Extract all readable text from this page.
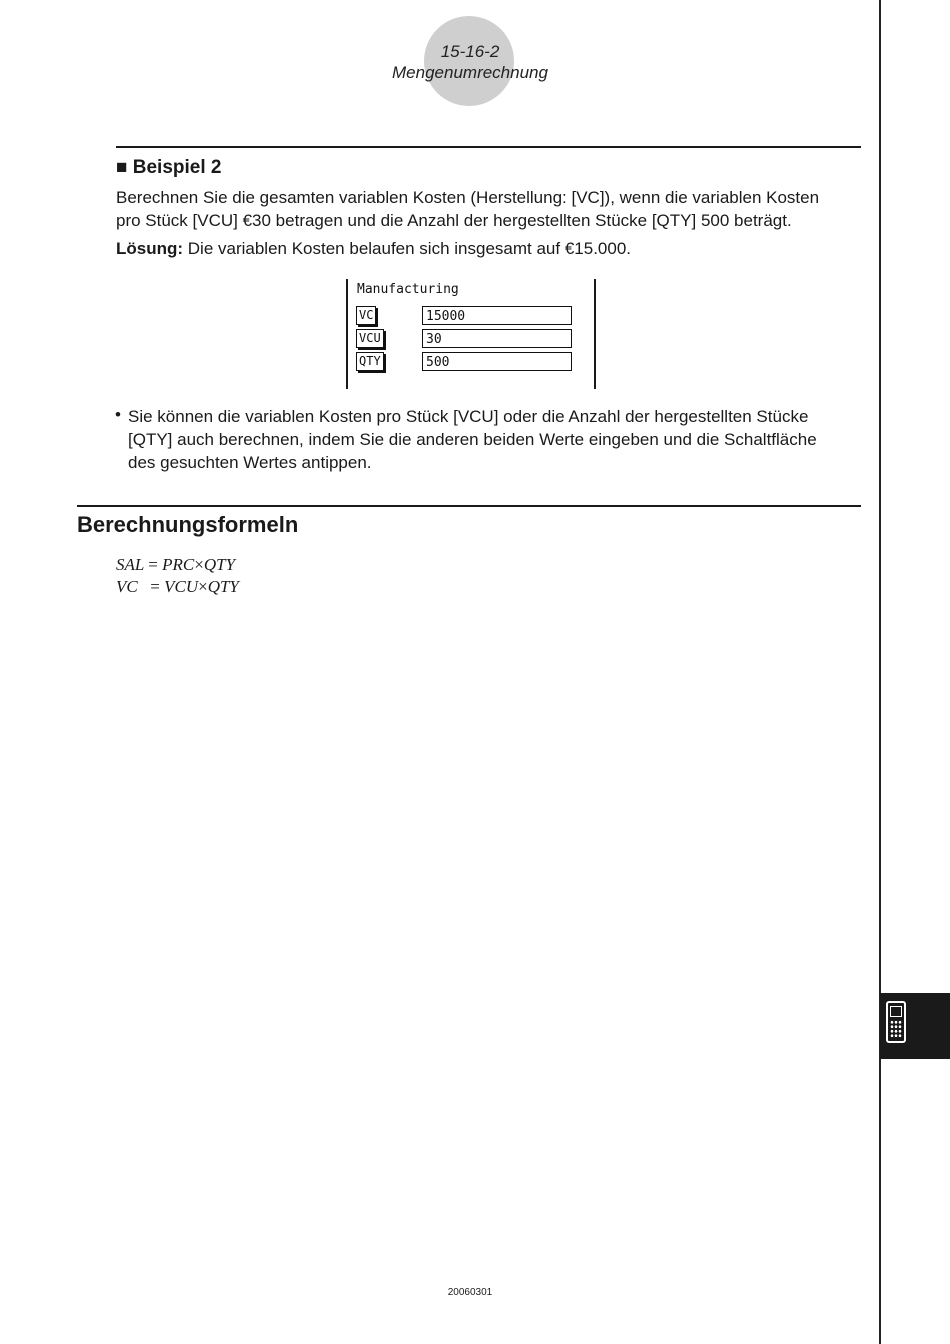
15-16-2
Mengenumrechnung
■ Beispiel 2
Berechnen Sie die gesamten variablen Kosten (Herstellung: [VC]), wenn die variablen Kosten
pro Stück [VCU] €30 betragen und die Anzahl der hergestellten Stücke [QTY] 500 beträgt.
Lösung: Die variablen Kosten belaufen sich insgesamt auf €15.000.
Manufacturing
VC	15000
VCU	30
QTY	500
• Sie können die variablen Kosten pro Stück [VCU] oder die Anzahl der hergestellten Stücke
[QTY] auch berechnen, indem Sie die anderen beiden Werte eingeben und die Schaltfläche
des gesuchten Wertes antippen.
Berechnungsformeln
SAL = PRC×QTY
VC = VCU×QTY
20060301
